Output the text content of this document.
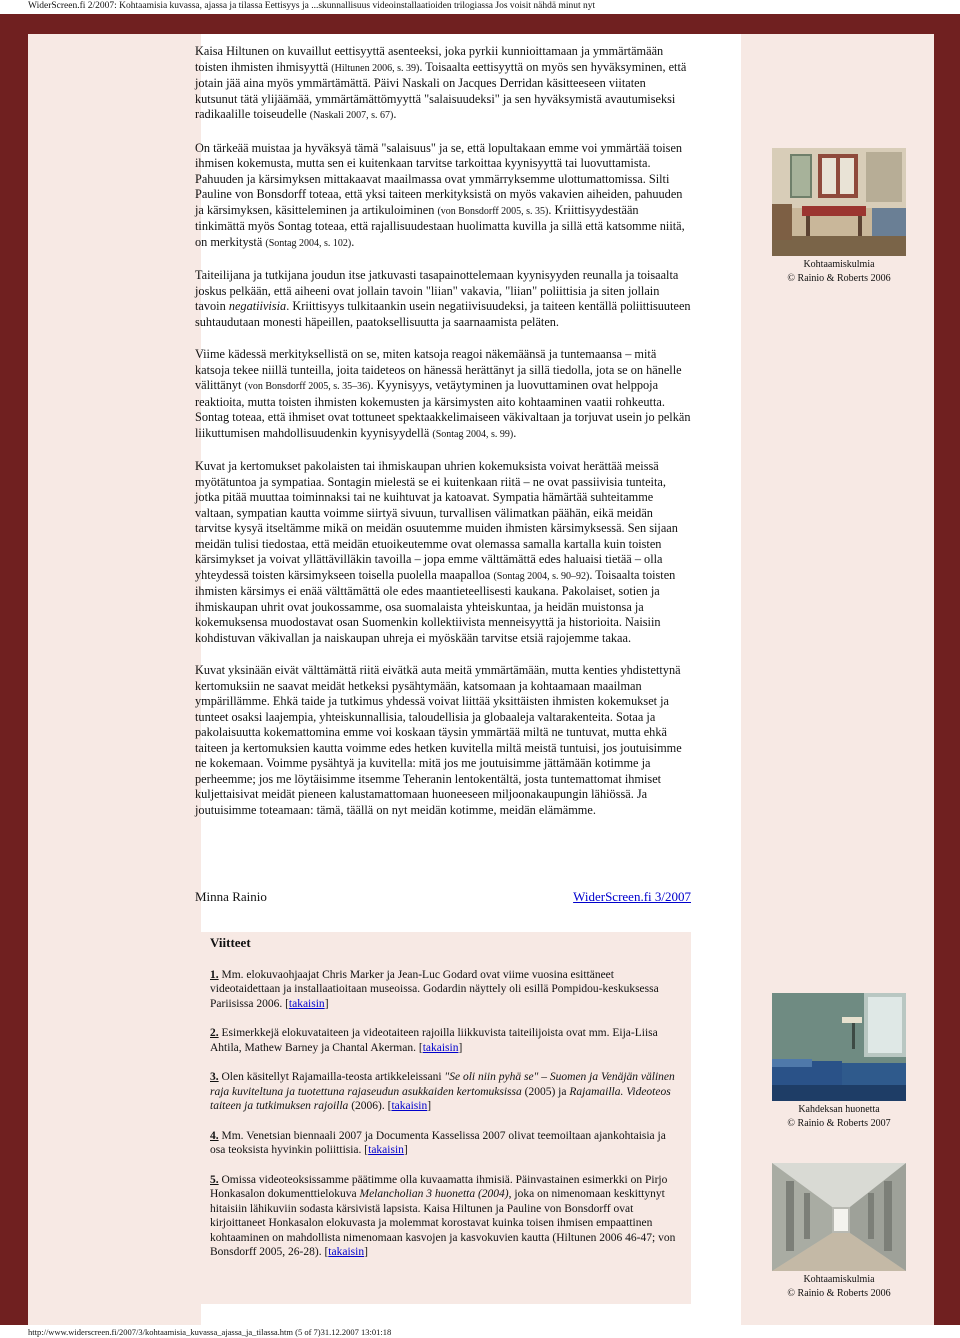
WiderScreen.fi 2/2007: Kohtaamisia kuvassa, ajassa ja tilassa Eettisyys ja ...skunnallisuus videoinstallaatioiden trilogiassa Jos voisit nähdä minut nyt

Kaisa Hiltunen on kuvaillut eettisyyttä asenteeksi, joka pyrkii kunnioittamaan ja ymmärtämään toisten ihmisten ihmisyyttä (Hiltunen 2006, s. 39). Toisaalta eettisyyttä on myös sen hyväksyminen, että jotain jää aina myös ymmärtämättä. Päivi Naskali on Jacques Derridan käsitteeseen viitaten kutsunut tätä ylijäämää, ymmärtämättömyyttä "salaisuudeksi" ja sen hyväksymistä avautumiseksi radikaalille toiseudelle (Naskali 2007, s. 67).

On tärkeää muistaa ja hyväksyä tämä "salaisuus" ja se, että lopultakaan emme voi ymmärtää toisen ihmisen kokemusta, mutta sen ei kuitenkaan tarvitse tarkoittaa kyynisyyttä tai luovuttamista. Pahuuden ja kärsimyksen mittakaavat maailmassa ovat ymmärryksemme ulottumattomissa. Silti Pauline von Bonsdorff toteaa, että yksi taiteen merkityksistä on myös vakavien aiheiden, pahuuden ja kärsimyksen, käsitteleminen ja artikuloiminen (von Bonsdorff 2005, s. 35). Kriittisyydestään tinkimättä myös Sontag toteaa, että rajallisuudestaan huolimatta kuvilla ja sillä että katsomme niitä, on merkitystä (Sontag 2004, s. 102).

Taiteilijana ja tutkijana joudun itse jatkuvasti tasapainottelemaan kyynisyyden reunalla ja toisaalta joskus pelkään, että aiheeni ovat jollain tavoin "liian" vakavia, "liian" poliittisia ja siten jollain tavoin negatiivisia. Kriittisyys tulkitaankin usein negatiivisuudeksi, ja taiteen kentällä poliittisuuteen suhtaudutaan monesti häpeillen, paatoksellisuutta ja saarnaamista peläten.

Viime kädessä merkityksellistä on se, miten katsoja reagoi näkemäänsä ja tuntemaansa – mitä katsoja tekee niillä tunteilla, joita taideteos on hänessä herättänyt ja sillä tiedolla, jota se on hänelle välittänyt (von Bonsdorff 2005, s. 35–36). Kyynisyys, vetäytyminen ja luovuttaminen ovat helppoja reaktioita, mutta toisten ihmisten kokemusten ja kärsimysten aito kohtaaminen vaatii rohkeutta. Sontag toteaa, että ihmiset ovat tottuneet spektaakkelimaiseen väkivaltaan ja torjuvat usein jo pelkän liikuttumisen mahdollisuudenkin kyynisyydellä (Sontag 2004, s. 99).

Kuvat ja kertomukset pakolaisten tai ihmiskaupan uhrien kokemuksista voivat herättää meissä myötätuntoa ja sympatiaa. Sontagin mielestä se ei kuitenkaan riitä – ne ovat passiivisia tunteita, jotka pitää muuttaa toiminnaksi tai ne kuihtuvat ja katoavat. Sympatia hämärtää suhteitamme valtaan, sympatian kautta voimme siirtyä sivuun, turvallisen välimatkan päähän, eikä meidän tarvitse kysyä itseltämme mikä on meidän osuutemme muiden ihmisten kärsimyksessä. Sen sijaan meidän tulisi tiedostaa, että meidän etuoikeutemme ovat olemassa samalla kartalla kuin toisten kärsimykset ja voivat yllättävilläkin tavoilla – jopa emme välttämättä edes haluaisi tietää – olla yhteydessä toisten kärsimykseen toisella puolella maapalloa (Sontag 2004, s. 90–92). Toisaalta toisten ihmisten kärsimys ei enää välttämättä ole edes maantieteellisesti kaukana. Pakolaiset, sotien ja ihmiskaupan uhrit ovat joukossamme, osa suomalaista yhteiskuntaa, ja heidän muistonsa ja kokemuksensa muodostavat osan Suomenkin kollektiivista menneisyyttä ja historioita. Naisiin kohdistuvan väkivallan ja naiskaupan uhreja ei myöskään tarvitse etsiä rajojemme takaa.

Kuvat yksinään eivät välttämättä riitä eivätkä auta meitä ymmärtämään, mutta kenties yhdistettynä kertomuksiin ne saavat meidät hetkeksi pysähtymään, katsomaan ja kohtaamaan maailman ympärillämme. Ehkä taide ja tutkimus yhdessä voivat liittää yksittäisten ihmisten kokemukset ja tunteet osaksi laajempia, yhteiskunnallisia, taloudellisia ja globaaleja valtarakenteita. Sotaa ja pakolaisuutta kokemattomina emme voi koskaan täysin ymmärtää miltä ne tuntuvat, mutta ehkä taiteen ja kertomuksien kautta voimme edes hetken kuvitella miltä meistä tuntuisi, jos joutuisimme ne kokemaan. Voimme pysähtyä ja kuvitella: mitä jos me joutuisimme jättämään kotimme ja perheemme; jos me löytäisimme itsemme Teheranin lentokentältä, josta tuntemattomat ihmiset kuljettaisivat meidät pieneen kalustamattomaan huoneeseen miljoonakaupungin lähiössä. Ja joutuisimme toteamaan: tämä, täällä on nyt meidän kotimme, meidän elämämme.

Minna Rainio	WiderScreen.fi 3/2007
Viitteet
1. Mm. elokuvaohjaajat Chris Marker ja Jean-Luc Godard ovat viime vuosina esittäneet videotaidettaan ja installaatioitaan museoissa. Godardin näyttely oli esillä Pompidou-keskuksessa Pariisissa 2006. [takaisin]
2. Esimerkkejä elokuvataiteen ja videotaiteen rajoilla liikkuvista taiteilijoista ovat mm. Eija-Liisa Ahtila, Mathew Barney ja Chantal Akerman. [takaisin]
3. Olen käsitellyt Rajamailla-teosta artikkeleissani "Se oli niin pyhä se" – Suomen ja Venäjän välinen raja kuviteltuna ja tuotettuna rajaseudun asukkaiden kertomuksissa (2005) ja Rajamailla. Videoteos taiteen ja tutkimuksen rajoilla (2006). [takaisin]
4. Mm. Venetsian biennaali 2007 ja Documenta Kasselissa 2007 olivat teemoiltaan ajankohtaisia ja osa teoksista hyvinkin poliittisia. [takaisin]
5. Omissa videoteoksissamme päätimme olla kuvaamatta ihmisiä. Päinvastainen esimerkki on Pirjo Honkasalon dokumenttielokuva Melancholian 3 huonetta (2004), joka on nimenomaan keskittynyt hitaisiin lähikuviin sodasta kärsivistä lapsista. Kaisa Hiltunen ja Pauline von Bonsdorff ovat kirjoittaneet Honkasalon elokuvasta ja molemmat korostavat kuinka toisen ihmisen empaattinen kohtaaminen on mahdollista nimenomaan kasvojen ja kasvokuvien kautta (Hiltunen 2006 46-47; von Bonsdorff 2005, 26-28). [takaisin]
Kohtaamiskulmia
© Rainio & Roberts 2006
Kahdeksan huonetta
© Rainio & Roberts 2007
Kohtaamiskulmia
© Rainio & Roberts 2006
http://www.widerscreen.fi/2007/3/kohtaamisia_kuvassa_ajassa_ja_tilassa.htm (5 of 7)31.12.2007 13:01:18
